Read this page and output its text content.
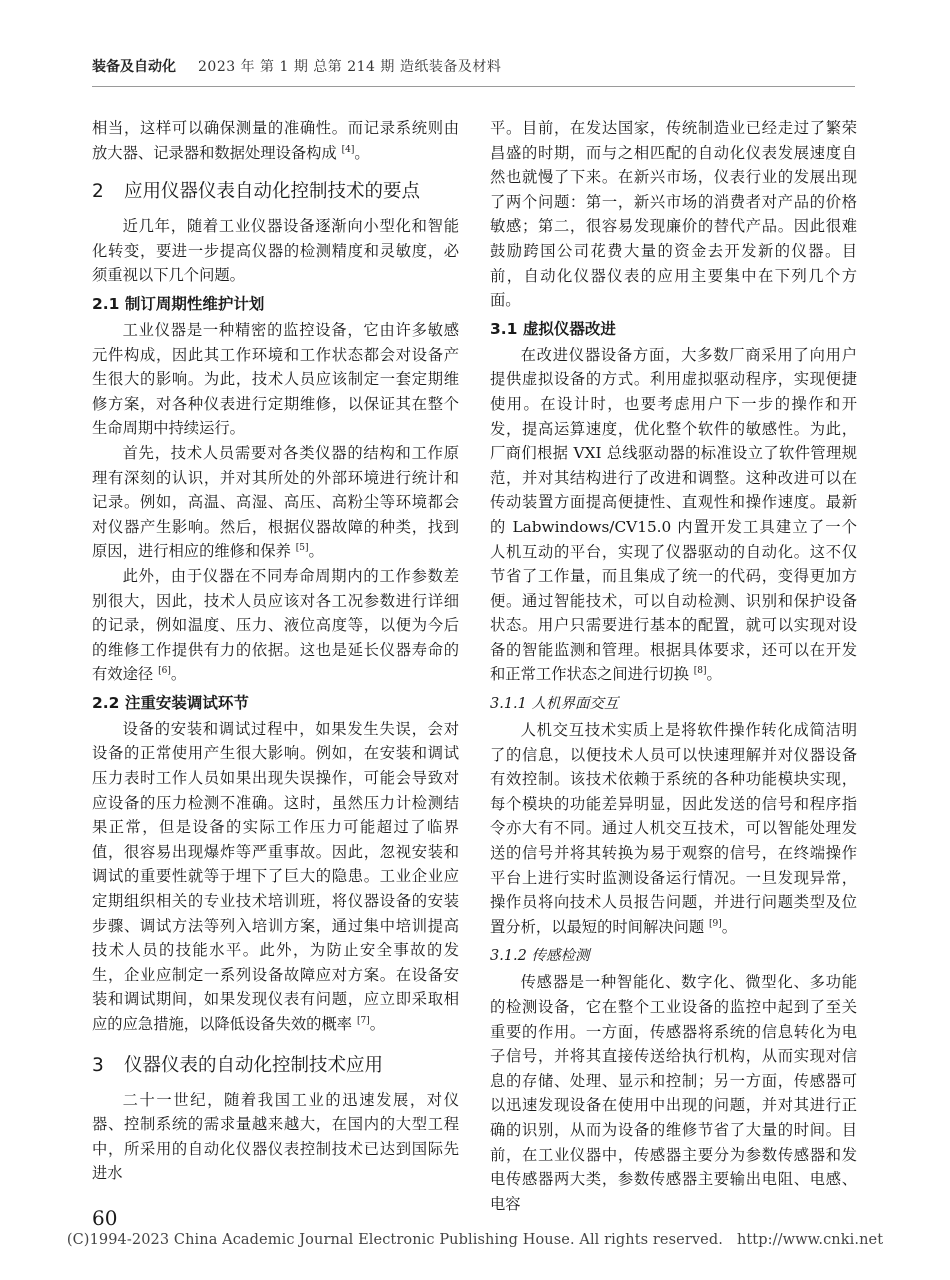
装备及自动化 2023 年 第 1 期 总第 214 期 造纸装备及材料

相当，这样可以确保测量的准确性。而记录系统则由放大器、记录器和数据处理设备构成 [4]。

2 应用仪器仪表自动化控制技术的要点

近几年，随着工业仪器设备逐渐向小型化和智能化转变，要进一步提高仪器的检测精度和灵敏度，必须重视以下几个问题。

2.1 制订周期性维护计划

工业仪器是一种精密的监控设备，它由许多敏感元件构成，因此其工作环境和工作状态都会对设备产生很大的影响。为此，技术人员应该制定一套定期维修方案，对各种仪表进行定期维修，以保证其在整个生命周期中持续运行。

首先，技术人员需要对各类仪器的结构和工作原理有深刻的认识，并对其所处的外部环境进行统计和记录。例如，高温、高湿、高压、高粉尘等环境都会对仪器产生影响。然后，根据仪器故障的种类，找到原因，进行相应的维修和保养 [5]。

此外，由于仪器在不同寿命周期内的工作参数差别很大，因此，技术人员应该对各工况参数进行详细的记录，例如温度、压力、液位高度等，以便为今后的维修工作提供有力的依据。这也是延长仪器寿命的有效途径 [6]。

2.2 注重安装调试环节

设备的安装和调试过程中，如果发生失误，会对设备的正常使用产生很大影响。例如，在安装和调试压力表时工作人员如果出现失误操作，可能会导致对应设备的压力检测不准确。这时，虽然压力计检测结果正常，但是设备的实际工作压力可能超过了临界值，很容易出现爆炸等严重事故。因此，忽视安装和调试的重要性就等于埋下了巨大的隐患。工业企业应定期组织相关的专业技术培训班，将仪器设备的安装步骤、调试方法等列入培训方案，通过集中培训提高技术人员的技能水平。此外，为防止安全事故的发生，企业应制定一系列设备故障应对方案。在设备安装和调试期间，如果发现仪表有问题，应立即采取相应的应急措施，以降低设备失效的概率 [7]。

3 仪器仪表的自动化控制技术应用

二十一世纪，随着我国工业的迅速发展，对仪器、控制系统的需求量越来越大，在国内的大型工程中，所采用的自动化仪器仪表控制技术已达到国际先进水

平。目前，在发达国家，传统制造业已经走过了繁荣昌盛的时期，而与之相匹配的自动化仪表发展速度自然也就慢了下来。在新兴市场，仪表行业的发展出现了两个问题：第一，新兴市场的消费者对产品的价格敏感；第二，很容易发现廉价的替代产品。因此很难鼓励跨国公司花费大量的资金去开发新的仪器。目前，自动化仪器仪表的应用主要集中在下列几个方面。

3.1 虚拟仪器改进

在改进仪器设备方面，大多数厂商采用了向用户提供虚拟设备的方式。利用虚拟驱动程序，实现便捷使用。在设计时，也要考虑用户下一步的操作和开发，提高运算速度，优化整个软件的敏感性。为此，厂商们根据 VXI 总线驱动器的标准设立了软件管理规范，并对其结构进行了改进和调整。这种改进可以在传动装置方面提高便捷性、直观性和操作速度。最新的 Labwindows/CV15.0 内置开发工具建立了一个人机互动的平台，实现了仪器驱动的自动化。这不仅节省了工作量，而且集成了统一的代码，变得更加方便。通过智能技术，可以自动检测、识别和保护设备状态。用户只需要进行基本的配置，就可以实现对设备的智能监测和管理。根据具体要求，还可以在开发和正常工作状态之间进行切换 [8]。

3.1.1 人机界面交互

人机交互技术实质上是将软件操作转化成简洁明了的信息，以便技术人员可以快速理解并对仪器设备有效控制。该技术依赖于系统的各种功能模块实现，每个模块的功能差异明显，因此发送的信号和程序指令亦大有不同。通过人机交互技术，可以智能处理发送的信号并将其转换为易于观察的信号，在终端操作平台上进行实时监测设备运行情况。一旦发现异常，操作员将向技术人员报告问题，并进行问题类型及位置分析，以最短的时间解决问题 [9]。

3.1.2 传感检测

传感器是一种智能化、数字化、微型化、多功能的检测设备，它在整个工业设备的监控中起到了至关重要的作用。一方面，传感器将系统的信息转化为电子信号，并将其直接传送给执行机构，从而实现对信息的存储、处理、显示和控制；另一方面，传感器可以迅速发现设备在使用中出现的问题，并对其进行正确的识别，从而为设备的维修节省了大量的时间。目前，在工业仪器中，传感器主要分为参数传感器和发电传感器两大类，参数传感器主要输出电阻、电感、电容

60
(C)1994-2023 China Academic Journal Electronic Publishing House. All rights reserved. http://www.cnki.net
